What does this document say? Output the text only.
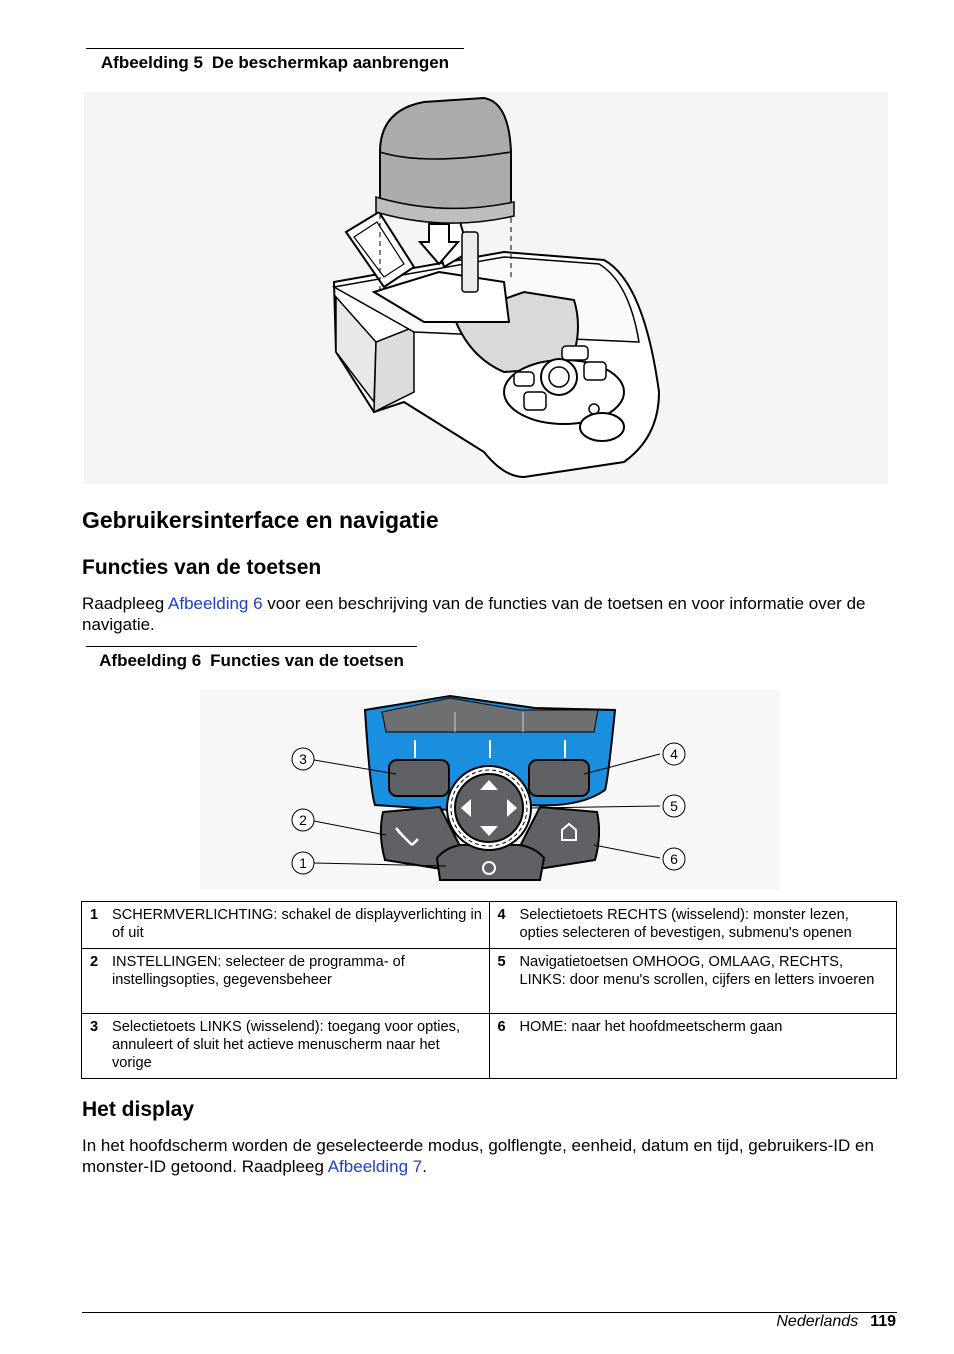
Afbeelding 5 De beschermkap aanbrengen
Gebruikersinterface en navigatie
Functies van de toetsen

Raadpleeg Afbeelding 6 voor een beschrijving van de functies van de toetsen en voor informatie over de navigatie.

Afbeelding 6 Functies van de toetsen
3
2
1
4
5
6
1 SCHERMVERLICHTING: schakel de displayverlichting in of uit	4 Selectietoets RECHTS (wisselend): monster lezen, opties selecteren of bevestigen, submenu's openen
2 INSTELLINGEN: selecteer de programma- of instellingsopties, gegevensbeheer	5 Navigatietoetsen OMHOOG, OMLAAG, RECHTS, LINKS: door menu's scrollen, cijfers en letters invoeren
3 Selectietoets LINKS (wisselend): toegang voor opties, annuleert of sluit het actieve menuscherm naar het vorige	6 HOME: naar het hoofdmeetscherm gaan
Het display

In het hoofdscherm worden de geselecteerde modus, golflengte, eenheid, datum en tijd, gebruikers-ID en monster-ID getoond. Raadpleeg Afbeelding 7.

Nederlands 119
